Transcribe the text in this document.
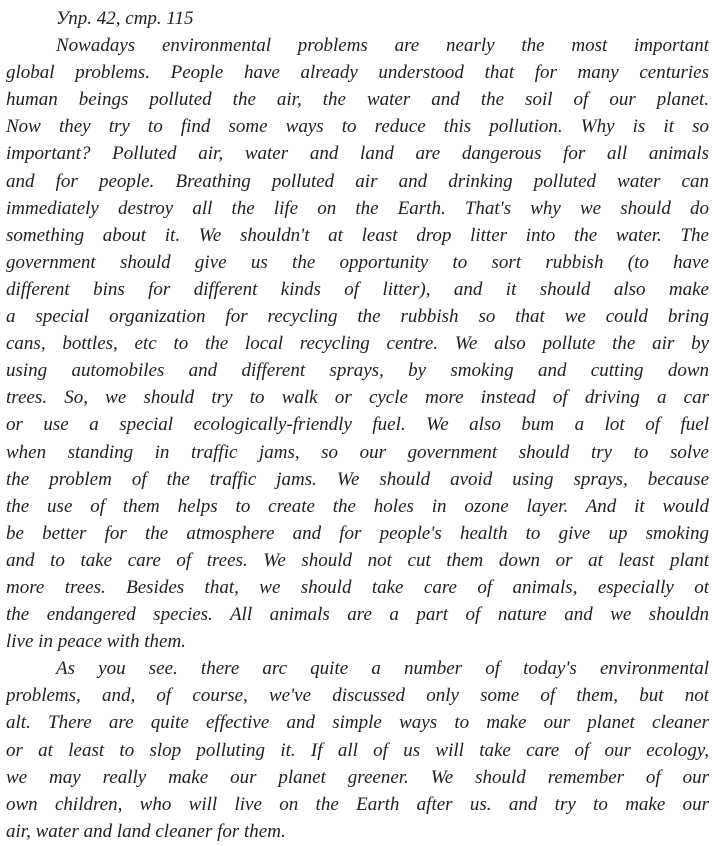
Упр. 42, стр. 115
Nowadays environmental problems are nearly the most important
global problems. People have already understood that for many centuries
human beings polluted the air, the water and the soil of our planet.
Now they try to find some ways to reduce this pollution. Why is it so
important? Polluted air, water and land are dangerous for all animals
and for people. Breathing polluted air and drinking polluted water can
immediately destroy all the life on the Earth. That's why we should do
something about it. We shouldn't at least drop litter into the water. The
government should give us the opportunity to sort rubbish (to have
different bins for different kinds of litter), and it should also make
a special organization for recycling the rubbish so that we could bring
cans, bottles, etc to the local recycling centre. We also pollute the air by
using automobiles and different sprays, by smoking and cutting down
trees. So, we should try to walk or cycle more instead of driving a car
or use a special ecologically-friendly fuel. We also bum a lot of fuel
when standing in traffic jams, so our government should try to solve
the problem of the traffic jams. We should avoid using sprays, because
the use of them helps to create the holes in ozone layer. And it would
be better for the atmosphere and for people's health to give up smoking
and to take care of trees. We should not cut them down or at least plant
more trees. Besides that, we should take care of animals, especially ot
the endangered species. All animals are a part of nature and we shouldn
live in peace with them.
As you see. there arc quite a number of today's environmental
problems, and, of course, we've discussed only some of them, but not
alt. There are quite effective and simple ways to make our planet cleaner
or at least to slop polluting it. If all of us will take care of our ecology,
we may really make our planet greener. We should remember of our
own children, who will live on the Earth after us. and try to make our
air, water and land cleaner for them.
